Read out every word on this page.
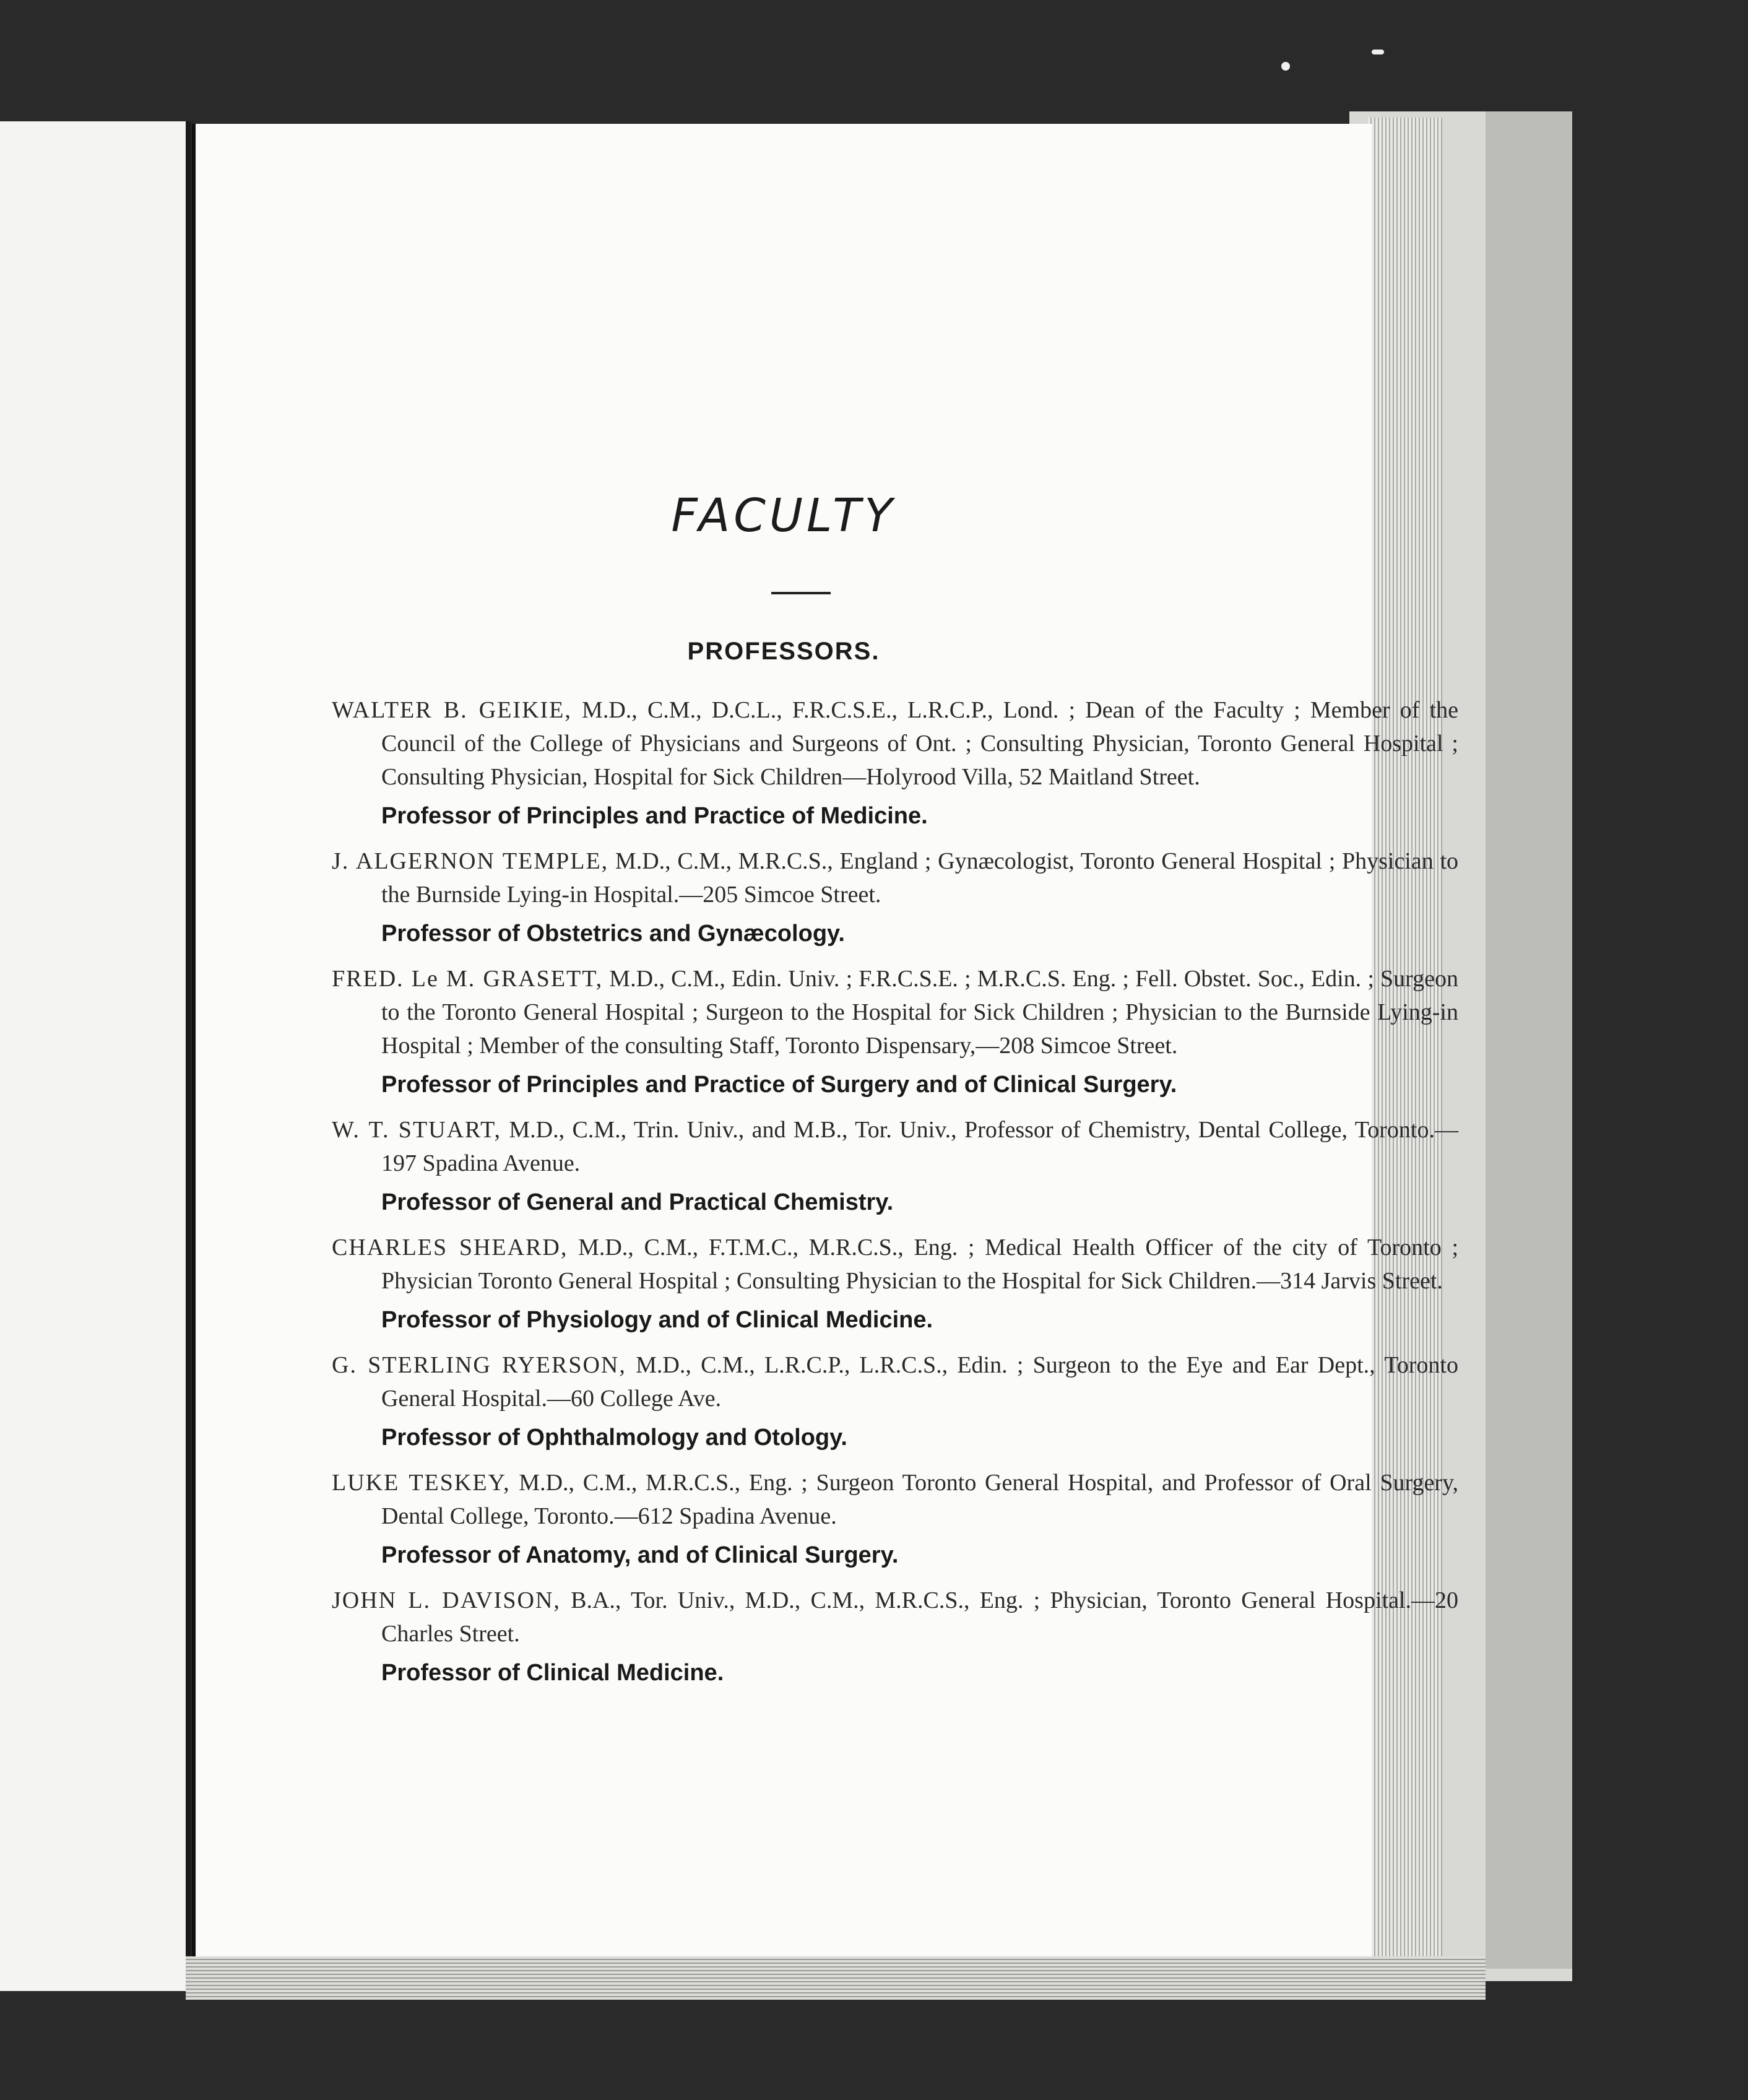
FACULTY
PROFESSORS.
WALTER B. GEIKIE, M.D., C.M., D.C.L., F.R.C.S.E., L.R.C.P., Lond. ; Dean of the Faculty ; Member of the Council of the College of Physicians and Surgeons of Ont. ; Consulting Physician, Toronto General Hospital ; Consulting Physician, Hospital for Sick Children—Holyrood Villa, 52 Maitland Street.
Professor of Principles and Practice of Medicine.
J. ALGERNON TEMPLE, M.D., C.M., M.R.C.S., England ; Gynæcologist, Toronto General Hospital ; Physician to the Burnside Lying-in Hospital.—205 Simcoe Street.
Professor of Obstetrics and Gynæcology.
FRED. Le M. GRASETT, M.D., C.M., Edin. Univ. ; F.R.C.S.E. ; M.R.C.S. Eng. ; Fell. Obstet. Soc., Edin. ; Surgeon to the Toronto General Hospital ; Surgeon to the Hospital for Sick Children ; Physician to the Burnside Lying-in Hospital ; Member of the consulting Staff, Toronto Dispensary,—208 Simcoe Street.
Professor of Principles and Practice of Surgery and of Clinical Surgery.
W. T. STUART, M.D., C.M., Trin. Univ., and M.B., Tor. Univ., Professor of Chemistry, Dental College, Toronto.—197 Spadina Avenue.
Professor of General and Practical Chemistry.
CHARLES SHEARD, M.D., C.M., F.T.M.C., M.R.C.S., Eng. ; Medical Health Officer of the city of Toronto ; Physician Toronto General Hospital ; Consulting Physician to the Hospital for Sick Children.—314 Jarvis Street.
Professor of Physiology and of Clinical Medicine.
G. STERLING RYERSON, M.D., C.M., L.R.C.P., L.R.C.S., Edin. ; Surgeon to the Eye and Ear Dept., Toronto General Hospital.—60 College Ave.
Professor of Ophthalmology and Otology.
LUKE TESKEY, M.D., C.M., M.R.C.S., Eng. ; Surgeon Toronto General Hospital, and Professor of Oral Surgery, Dental College, Toronto.—612 Spadina Avenue.
Professor of Anatomy, and of Clinical Surgery.
JOHN L. DAVISON, B.A., Tor. Univ., M.D., C.M., M.R.C.S., Eng. ; Physician, Toronto General Hospital.—20 Charles Street.
Professor of Clinical Medicine.
